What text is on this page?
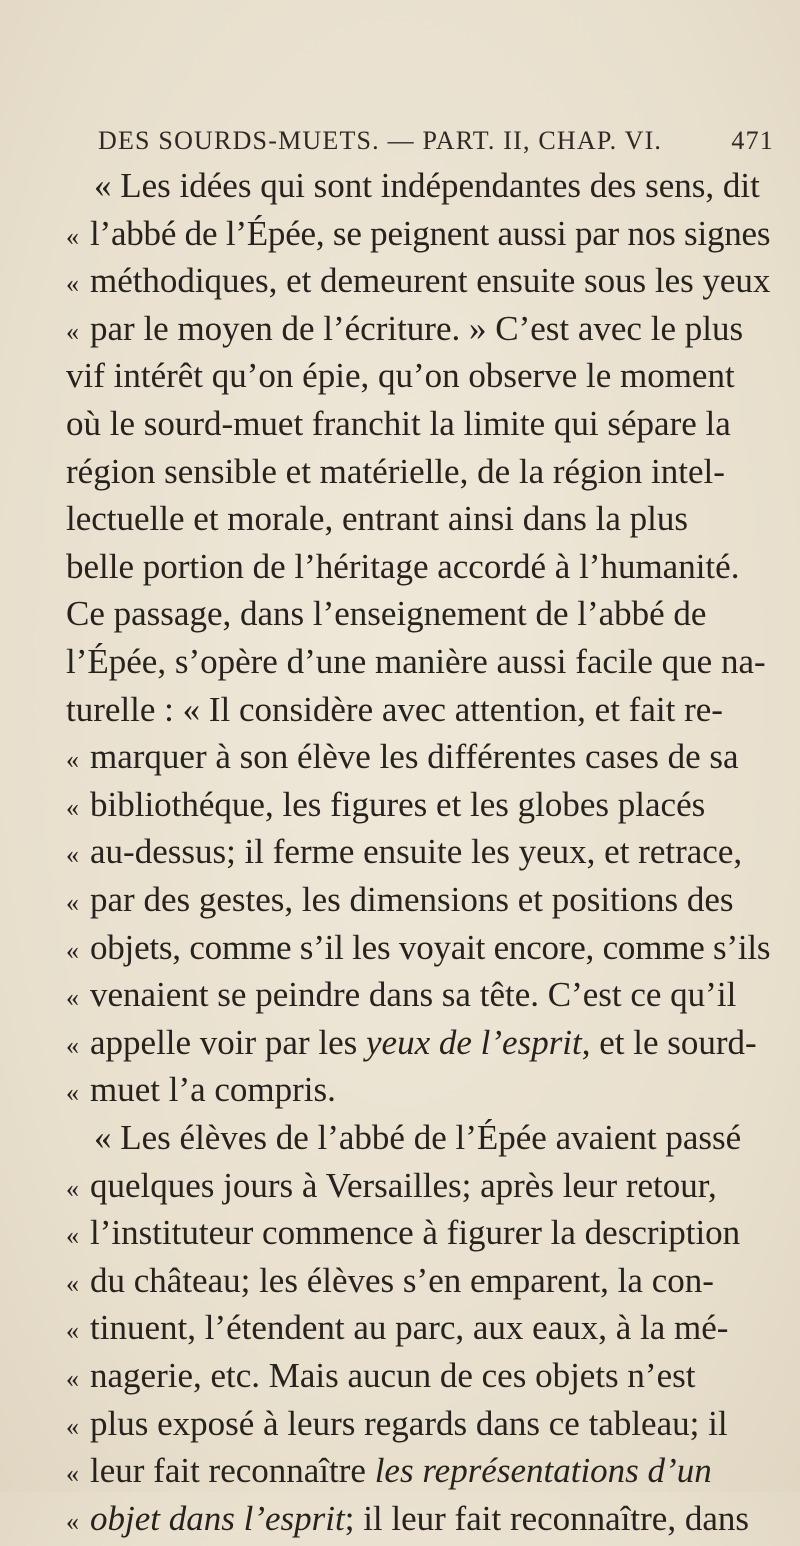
DES SOURDS-MUETS. — PART. II, CHAP. VI.	471
« Les idées qui sont indépendantes des sens, dit
« l’abbé de l’Épée, se peignent aussi par nos signes
« méthodiques, et demeurent ensuite sous les yeux
« par le moyen de l’écriture. » C’est avec le plus
vif intérêt qu’on épie, qu’on observe le moment
où le sourd-muet franchit la limite qui sépare la
région sensible et matérielle, de la région intel-
lectuelle et morale, entrant ainsi dans la plus
belle portion de l’héritage accordé à l’humanité.
Ce passage, dans l’enseignement de l’abbé de
l’Épée, s’opère d’une manière aussi facile que na-
turelle : « Il considère avec attention, et fait re-
« marquer à son élève les différentes cases de sa
« bibliothéque, les figures et les globes placés
« au-dessus; il ferme ensuite les yeux, et retrace,
« par des gestes, les dimensions et positions des
« objets, comme s’il les voyait encore, comme s’ils
« venaient se peindre dans sa tête. C’est ce qu’il
« appelle voir par les yeux de l’esprit, et le sourd-
« muet l’a compris.
« Les élèves de l’abbé de l’Épée avaient passé
« quelques jours à Versailles; après leur retour,
« l’instituteur commence à figurer la description
« du château; les élèves s’en emparent, la con-
« tinuent, l’étendent au parc, aux eaux, à la mé-
« nagerie, etc. Mais aucun de ces objets n’est
« plus exposé à leurs regards dans ce tableau; il
« leur fait reconnaître les représentations d’un
« objet dans l’esprit; il leur fait reconnaître, dans
